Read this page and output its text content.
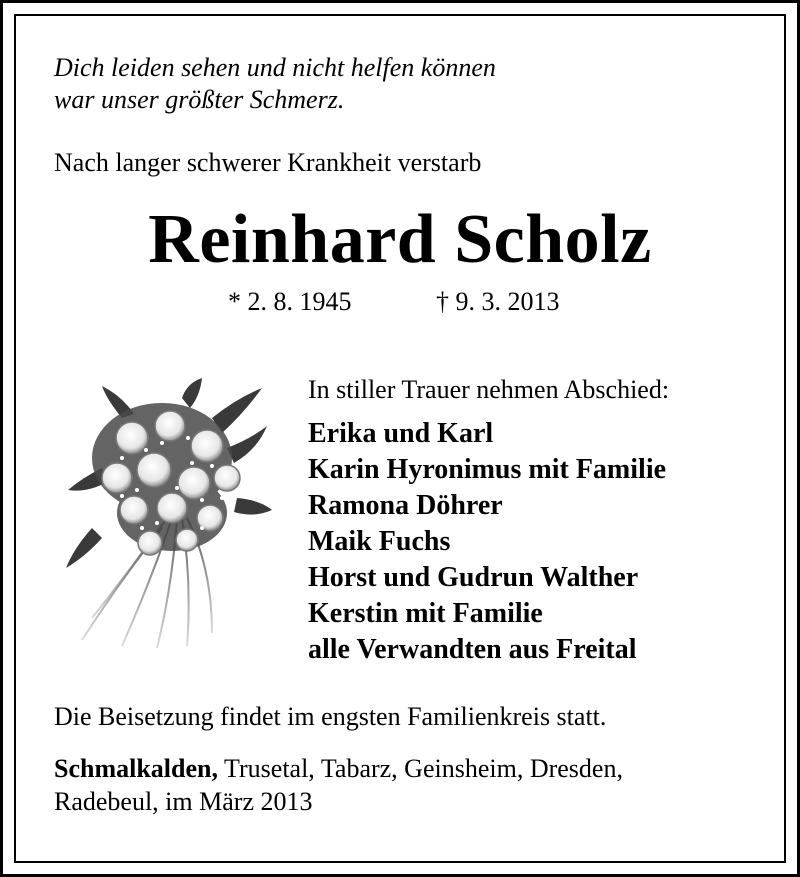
Dich leiden sehen und nicht helfen können
war unser größter Schmerz.
Nach langer schwerer Krankheit verstarb
Reinhard Scholz
* 2. 8. 1945	† 9. 3. 2013
In stiller Trauer nehmen Abschied:
Erika und Karl
Karin Hyronimus mit Familie
Ramona Döhrer
Maik Fuchs
Horst und Gudrun Walther
Kerstin mit Familie
alle Verwandten aus Freital
Die Beisetzung findet im engsten Familienkreis statt.
Schmalkalden, Trusetal, Tabarz, Geinsheim, Dresden,
Radebeul, im März 2013
